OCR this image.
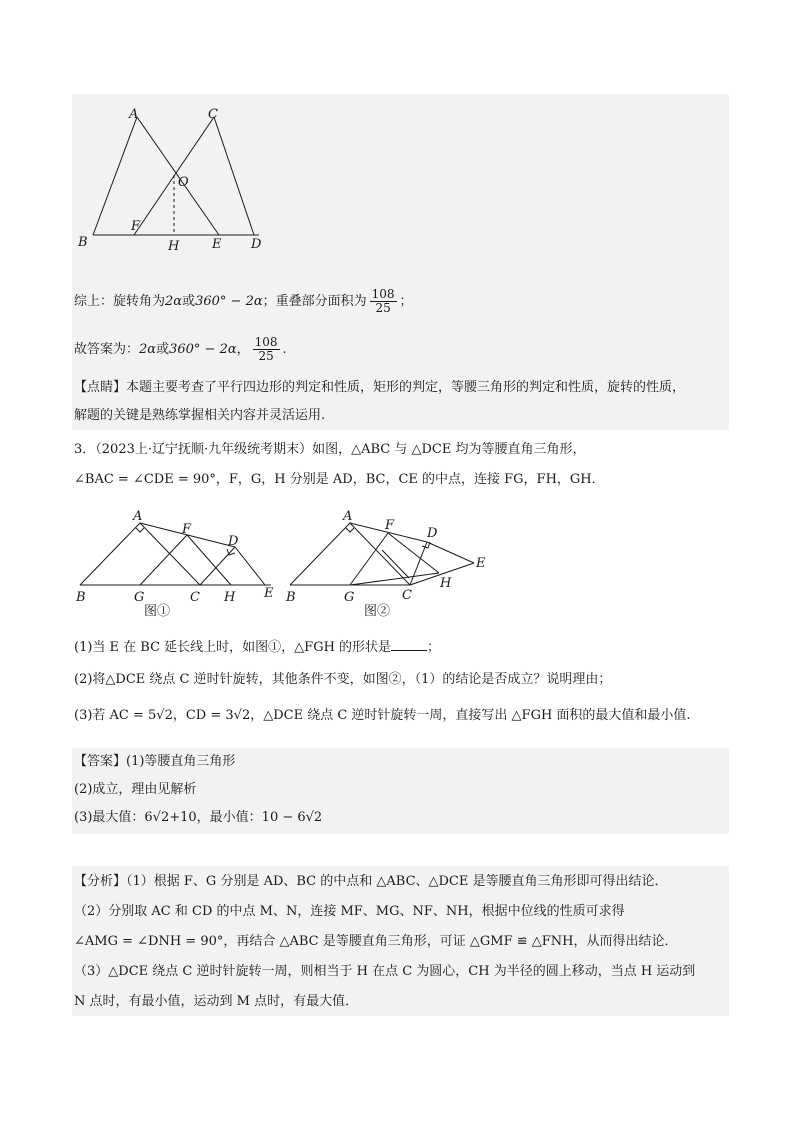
A	C
O
F
B	H	E D
综上：旋转角为2α或360° − 2α；重叠部分面积为 $\frac{108}{25}$ ；
故答案为：2α或360° − 2α， $\frac{108}{25}$ .
【点睛】本题主要考查了平行四边形的判定和性质，矩形的判定，等腰三角形的判定和性质，旋转的性质，
解题的关键是熟练掌握相关内容并灵活运用.
3．（2023上·辽宁抚顺·九年级统考期末）如图，△ABC 与 △DCE 均为等腰直角三角形，
∠BAC = ∠CDE = 90°，F，G，H 分别是 AD，BC，CE 的中点，连接 FG，FH，GH．
A
F
D
B	G	C H E
图①
A
F
D
E
B	G	C
H
图②
(1)当 E 在 BC 延长线上时，如图①，△FGH 的形状是	；
(2)将△DCE 绕点 C 逆时针旋转，其他条件不变，如图②，（1）的结论是否成立？说明理由；
(3)若 AC = 5√2，CD = 3√2，△DCE 绕点 C 逆时针旋转一周，直接写出 △FGH 面积的最大值和最小值.
【答案】(1)等腰直角三角形
(2)成立，理由见解析
(3)最大值：6√2+10，最小值：10 − 6√2
【分析】（1）根据 F、G 分别是 AD、BC 的中点和 △ABC、△DCE 是等腰直角三角形即可得出结论．
（2）分别取 AC 和 CD 的中点 M、N，连接 MF、MG、NF、NH，根据中位线的性质可求得
∠AMG = ∠DNH = 90°，再结合 △ABC 是等腰直角三角形，可证 △GMF ≌ △FNH，从而得出结论．
（3）△DCE 绕点 C 逆时针旋转一周，则相当于 H 在点 C 为圆心，CH 为半径的圆上移动，当点 H 运动到
N 点时，有最小值，运动到 M 点时，有最大值．
